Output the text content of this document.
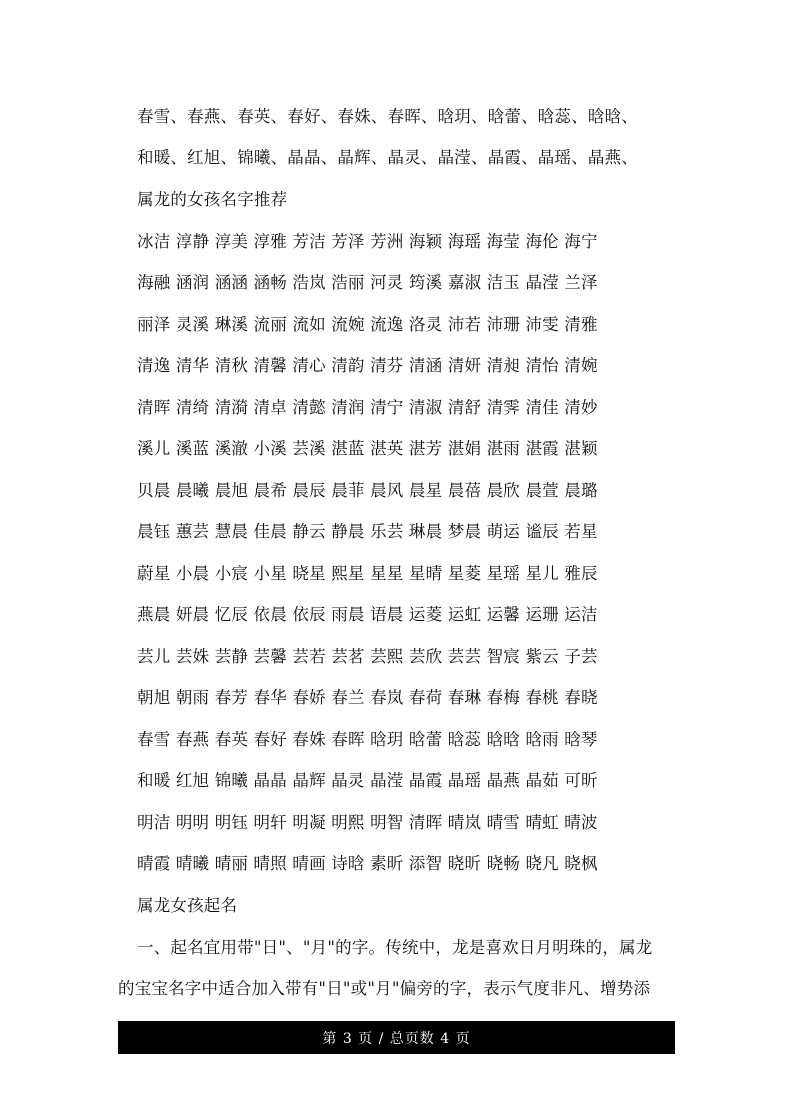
春雪、春燕、春英、春好、春姝、春晖、晗玥、晗蕾、晗蕊、晗晗、
和暖、红旭、锦曦、晶晶、晶辉、晶灵、晶滢、晶霞、晶瑶、晶燕、
属龙的女孩名字推荐
冰洁 淳静 淳美 淳雅 芳洁 芳泽 芳洲 海颖 海瑶 海莹 海伦 海宁
海融 涵润 涵涵 涵畅 浩岚 浩丽 河灵 筠溪 嘉淑 洁玉 晶滢 兰泽
丽泽 灵溪 琳溪 流丽 流如 流婉 流逸 洛灵 沛若 沛珊 沛雯 清雅
清逸 清华 清秋 清馨 清心 清韵 清芬 清涵 清妍 清昶 清怡 清婉
清晖 清绮 清漪 清卓 清懿 清润 清宁 清淑 清舒 清霁 清佳 清妙
溪儿 溪蓝 溪澈 小溪 芸溪 湛蓝 湛英 湛芳 湛娟 湛雨 湛霞 湛颖
贝晨 晨曦 晨旭 晨希 晨辰 晨菲 晨风 晨星 晨蓓 晨欣 晨萱 晨璐
晨钰 蕙芸 慧晨 佳晨 静云 静晨 乐芸 琳晨 梦晨 萌运 谧辰 若星
蔚星 小晨 小宸 小星 晓星 熙星 星星 星晴 星菱 星瑶 星儿 雅辰
燕晨 妍晨 忆辰 依晨 依辰 雨晨 语晨 运菱 运虹 运馨 运珊 运洁
芸儿 芸姝 芸静 芸馨 芸若 芸茗 芸熙 芸欣 芸芸 智宸 紫云 子芸
朝旭 朝雨 春芳 春华 春娇 春兰 春岚 春荷 春琳 春梅 春桃 春晓
春雪 春燕 春英 春好 春姝 春晖 晗玥 晗蕾 晗蕊 晗晗 晗雨 晗琴
和暖 红旭 锦曦 晶晶 晶辉 晶灵 晶滢 晶霞 晶瑶 晶燕 晶茹 可昕
明洁 明明 明钰 明轩 明凝 明熙 明智 清晖 晴岚 晴雪 晴虹 晴波
晴霞 晴曦 晴丽 晴照 晴画 诗晗 素昕 添智 晓昕 晓畅 晓凡 晓枫
属龙女孩起名
一、起名宜用带"日"、"月"的字。传统中，龙是喜欢日月明珠的，属龙
的宝宝名字中适合加入带有"日"或"月"偏旁的字，表示气度非凡、增势添
第 3 页 / 总页数 4 页
